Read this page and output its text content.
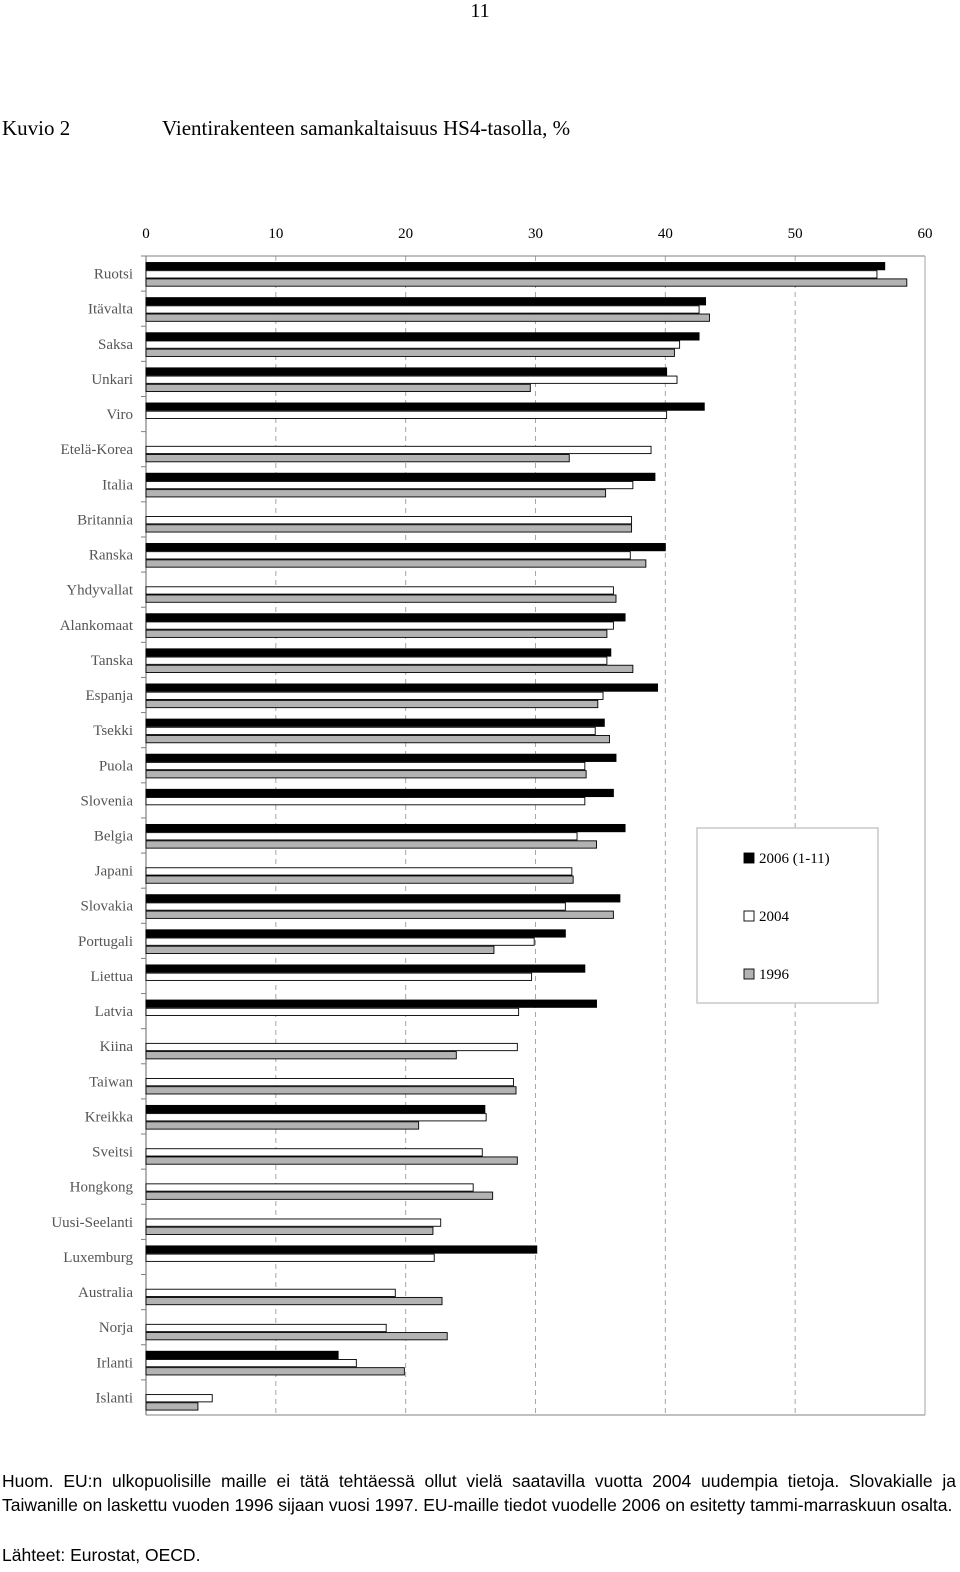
11
Kuvio 2	Vientirakenteen samankaltaisuus HS4-tasolla, %
0	10	20	30	40	50	60
Ruotsi
Itävalta
Saksa
Unkari
Viro
Etelä-Korea
Italia
Britannia
Ranska
Yhdyvallat
Alankomaat
Tanska
Espanja
Tsekki
Puola
Slovenia
Belgia
Japani
Slovakia
Portugali
Liettua
Latvia
Kiina
Taiwan
Kreikka
Sveitsi
Hongkong
Uusi-Seelanti
Luxemburg
Australia
Norja
Irlanti
Islanti
2006 (1-11)
2004
1996
Huom. EU:n ulkopuolisille maille ei tätä tehtäessä ollut vielä saatavilla vuotta 2004 uudempia tietoja. Slovakialle ja Taiwanille on laskettu vuoden 1996 sijaan vuosi 1997. EU-maille tiedot vuodelle 2006 on esitetty tammi-marraskuun osalta.
Lähteet: Eurostat, OECD.
